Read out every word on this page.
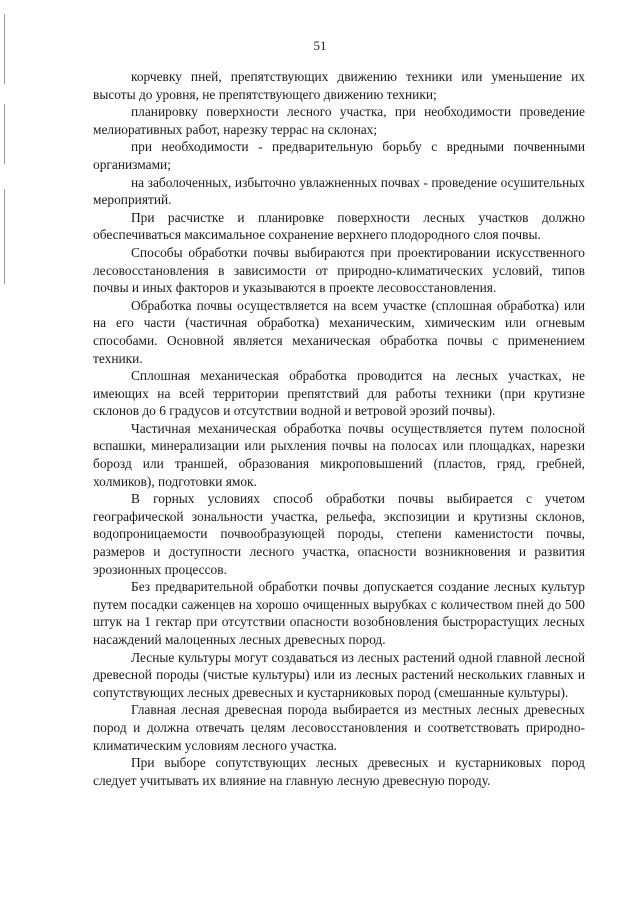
51

корчевку пней, препятствующих движению техники или уменьшение их высоты до уровня, не препятствующего движению техники;

планировку поверхности лесного участка, при необходимости проведение мелиоративных работ, нарезку террас на склонах;

при необходимости - предварительную борьбу с вредными почвенными организмами;

на заболоченных, избыточно увлажненных почвах - проведение осушительных мероприятий.

При расчистке и планировке поверхности лесных участков должно обеспечиваться максимальное сохранение верхнего плодородного слоя почвы.

Способы обработки почвы выбираются при проектировании искусственного лесовосстановления в зависимости от природно-климатических условий, типов почвы и иных факторов и указываются в проекте лесовосстановления.

Обработка почвы осуществляется на всем участке (сплошная обработка) или на его части (частичная обработка) механическим, химическим или огневым способами. Основной является механическая обработка почвы с применением техники.

Сплошная механическая обработка проводится на лесных участках, не имеющих на всей территории препятствий для работы техники (при крутизне склонов до 6 градусов и отсутствии водной и ветровой эрозий почвы).

Частичная механическая обработка почвы осуществляется путем полосной вспашки, минерализации или рыхления почвы на полосах или площадках, нарезки борозд или траншей, образования микроповышений (пластов, гряд, гребней, холмиков), подготовки ямок.

В горных условиях способ обработки почвы выбирается с учетом географической зональности участка, рельефа, экспозиции и крутизны склонов, водопроницаемости почвообразующей породы, степени каменистости почвы, размеров и доступности лесного участка, опасности возникновения и развития эрозионных процессов.

Без предварительной обработки почвы допускается создание лесных культур путем посадки саженцев на хорошо очищенных вырубках с количеством пней до 500 штук на 1 гектар при отсутствии опасности возобновления быстрорастущих лесных насаждений малоценных лесных древесных пород.

Лесные культуры могут создаваться из лесных растений одной главной лесной древесной породы (чистые культуры) или из лесных растений нескольких главных и сопутствующих лесных древесных и кустарниковых пород (смешанные культуры).

Главная лесная древесная порода выбирается из местных лесных древесных пород и должна отвечать целям лесовосстановления и соответствовать природно-климатическим условиям лесного участка.

При выборе сопутствующих лесных древесных и кустарниковых пород следует учитывать их влияние на главную лесную древесную породу.
